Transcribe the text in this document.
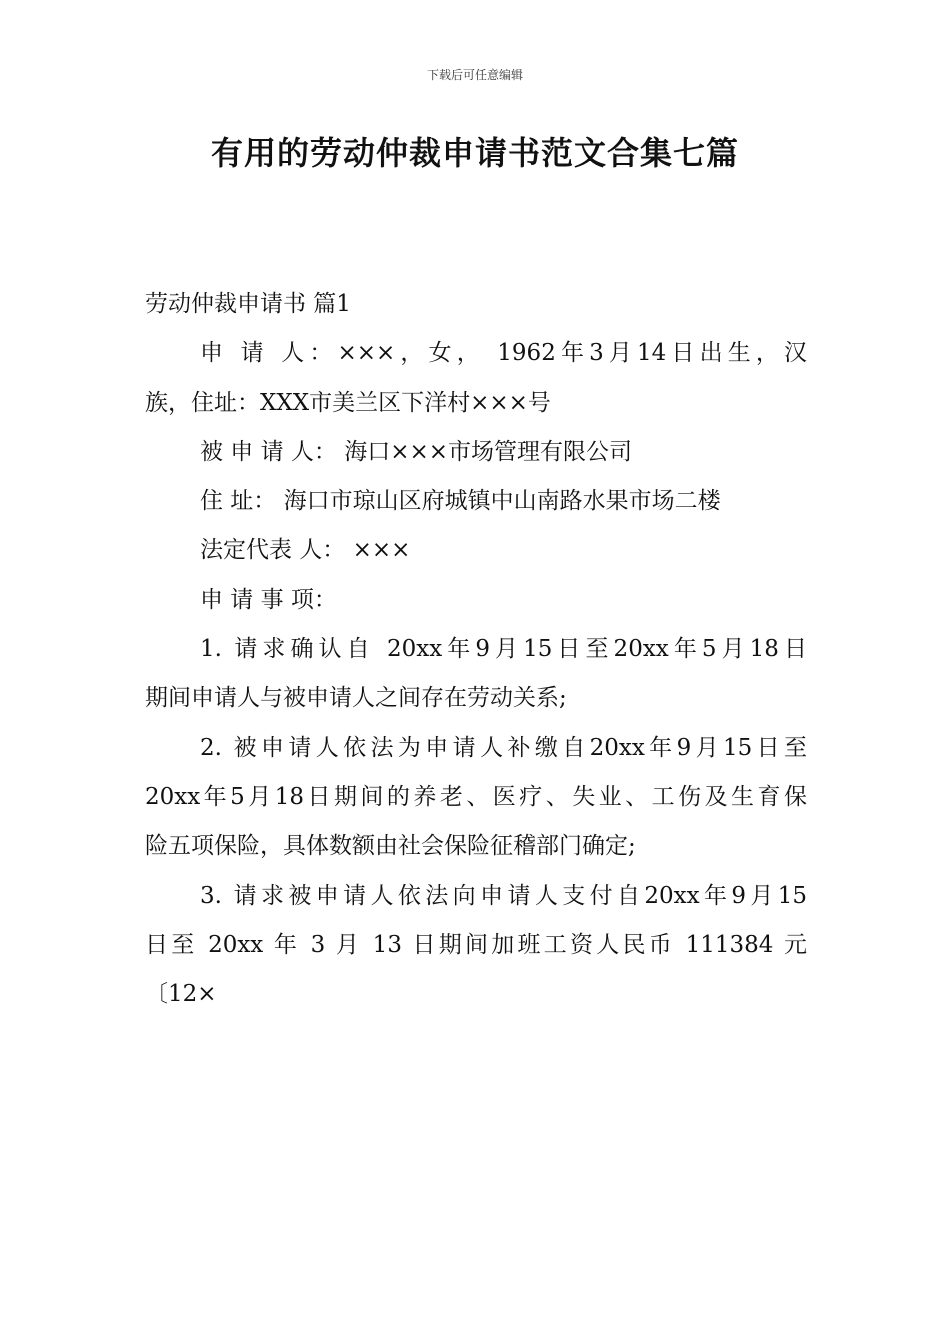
下载后可任意编辑
有用的劳动仲裁申请书范文合集七篇
劳动仲裁申请书 篇1
申 请 人：×××，女， 1962年3月14日出生，汉
族，住址：XXX市美兰区下洋村×××号
被 申 请 人： 海口×××市场管理有限公司
住 址： 海口市琼山区府城镇中山南路水果市场二楼
法定代表 人： ×××
申 请 事 项：
1. 请求确认自 20xx年9月15日至20xx年5月18日
期间申请人与被申请人之间存在劳动关系;
2. 被申请人依法为申请人补缴自20xx年9月15日至
20xx年5月18日期间的养老、医疗、失业、工伤及生育保
险五项保险，具体数额由社会保险征稽部门确定;
3. 请求被申请人依法向申请人支付自20xx年9月15
日至 20xx 年 3 月 13 日期间加班工资人民币 111384 元
〔12×
